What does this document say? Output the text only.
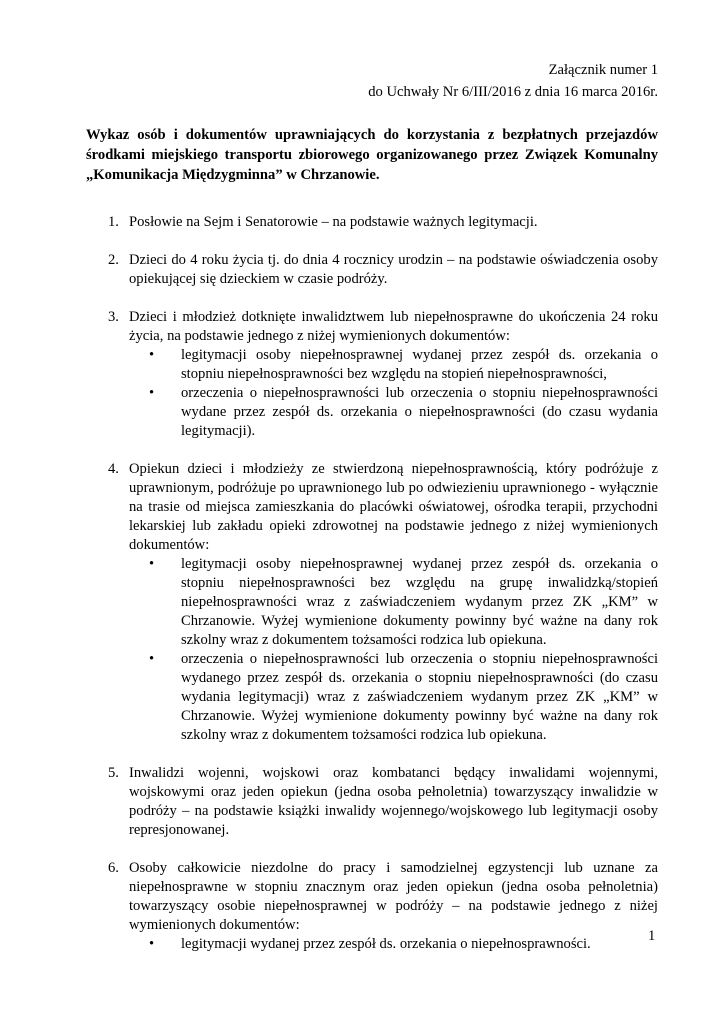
Załącznik numer 1
do Uchwały Nr 6/III/2016 z dnia 16 marca 2016r.
Wykaz osób i dokumentów uprawniających do korzystania z bezpłatnych przejazdów środkami miejskiego transportu zbiorowego organizowanego przez Związek Komunalny „Komunikacja Międzygminna” w Chrzanowie.
1. Posłowie na Sejm i Senatorowie – na podstawie ważnych legitymacji.
2. Dzieci do 4 roku życia tj. do dnia 4 rocznicy urodzin – na podstawie oświadczenia osoby opiekującej się dzieckiem w czasie podróży.
3. Dzieci i młodzież dotknięte inwalidztwem lub niepełnosprawne do ukończenia 24 roku życia, na podstawie jednego z niżej wymienionych dokumentów:
• legitymacji osoby niepełnosprawnej wydanej przez zespół ds. orzekania o stopniu niepełnosprawności bez względu na stopień niepełnosprawności,
• orzeczenia o niepełnosprawności lub orzeczenia o stopniu niepełnosprawności wydane przez zespół ds. orzekania o niepełnosprawności (do czasu wydania legitymacji).
4. Opiekun dzieci i młodzieży ze stwierdzoną niepełnosprawnością, który podróżuje z uprawnionym, podróżuje po uprawnionego lub po odwiezieniu uprawnionego - wyłącznie na trasie od miejsca zamieszkania do placówki oświatowej, ośrodka terapii, przychodni lekarskiej lub zakładu opieki zdrowotnej na podstawie jednego z niżej wymienionych dokumentów:
• legitymacji osoby niepełnosprawnej wydanej przez zespół ds. orzekania o stopniu niepełnosprawności bez względu na grupę inwalidzką/stopień niepełnosprawności wraz z zaświadczeniem wydanym przez ZK „KM” w Chrzanowie. Wyżej wymienione dokumenty powinny być ważne na dany rok szkolny wraz z dokumentem tożsamości rodzica lub opiekuna.
• orzeczenia o niepełnosprawności lub orzeczenia o stopniu niepełnosprawności wydanego przez zespół ds. orzekania o stopniu niepełnosprawności (do czasu wydania legitymacji) wraz z zaświadczeniem wydanym przez ZK „KM” w Chrzanowie. Wyżej wymienione dokumenty powinny być ważne na dany rok szkolny wraz z dokumentem tożsamości rodzica lub opiekuna.
5. Inwalidzi wojenni, wojskowi oraz kombatanci będący inwalidami wojennymi, wojskowymi oraz jeden opiekun (jedna osoba pełnoletnia) towarzyszący inwalidzie w podróży – na podstawie książki inwalidy wojennego/wojskowego lub legitymacji osoby represjonowanej.
6. Osoby całkowicie niezdolne do pracy i samodzielnej egzystencji lub uznane za niepełnosprawne w stopniu znacznym oraz jeden opiekun (jedna osoba pełnoletnia) towarzyszący osobie niepełnosprawnej w podróży – na podstawie jednego z niżej wymienionych dokumentów:
• legitymacji wydanej przez zespół ds. orzekania o niepełnosprawności.	1
